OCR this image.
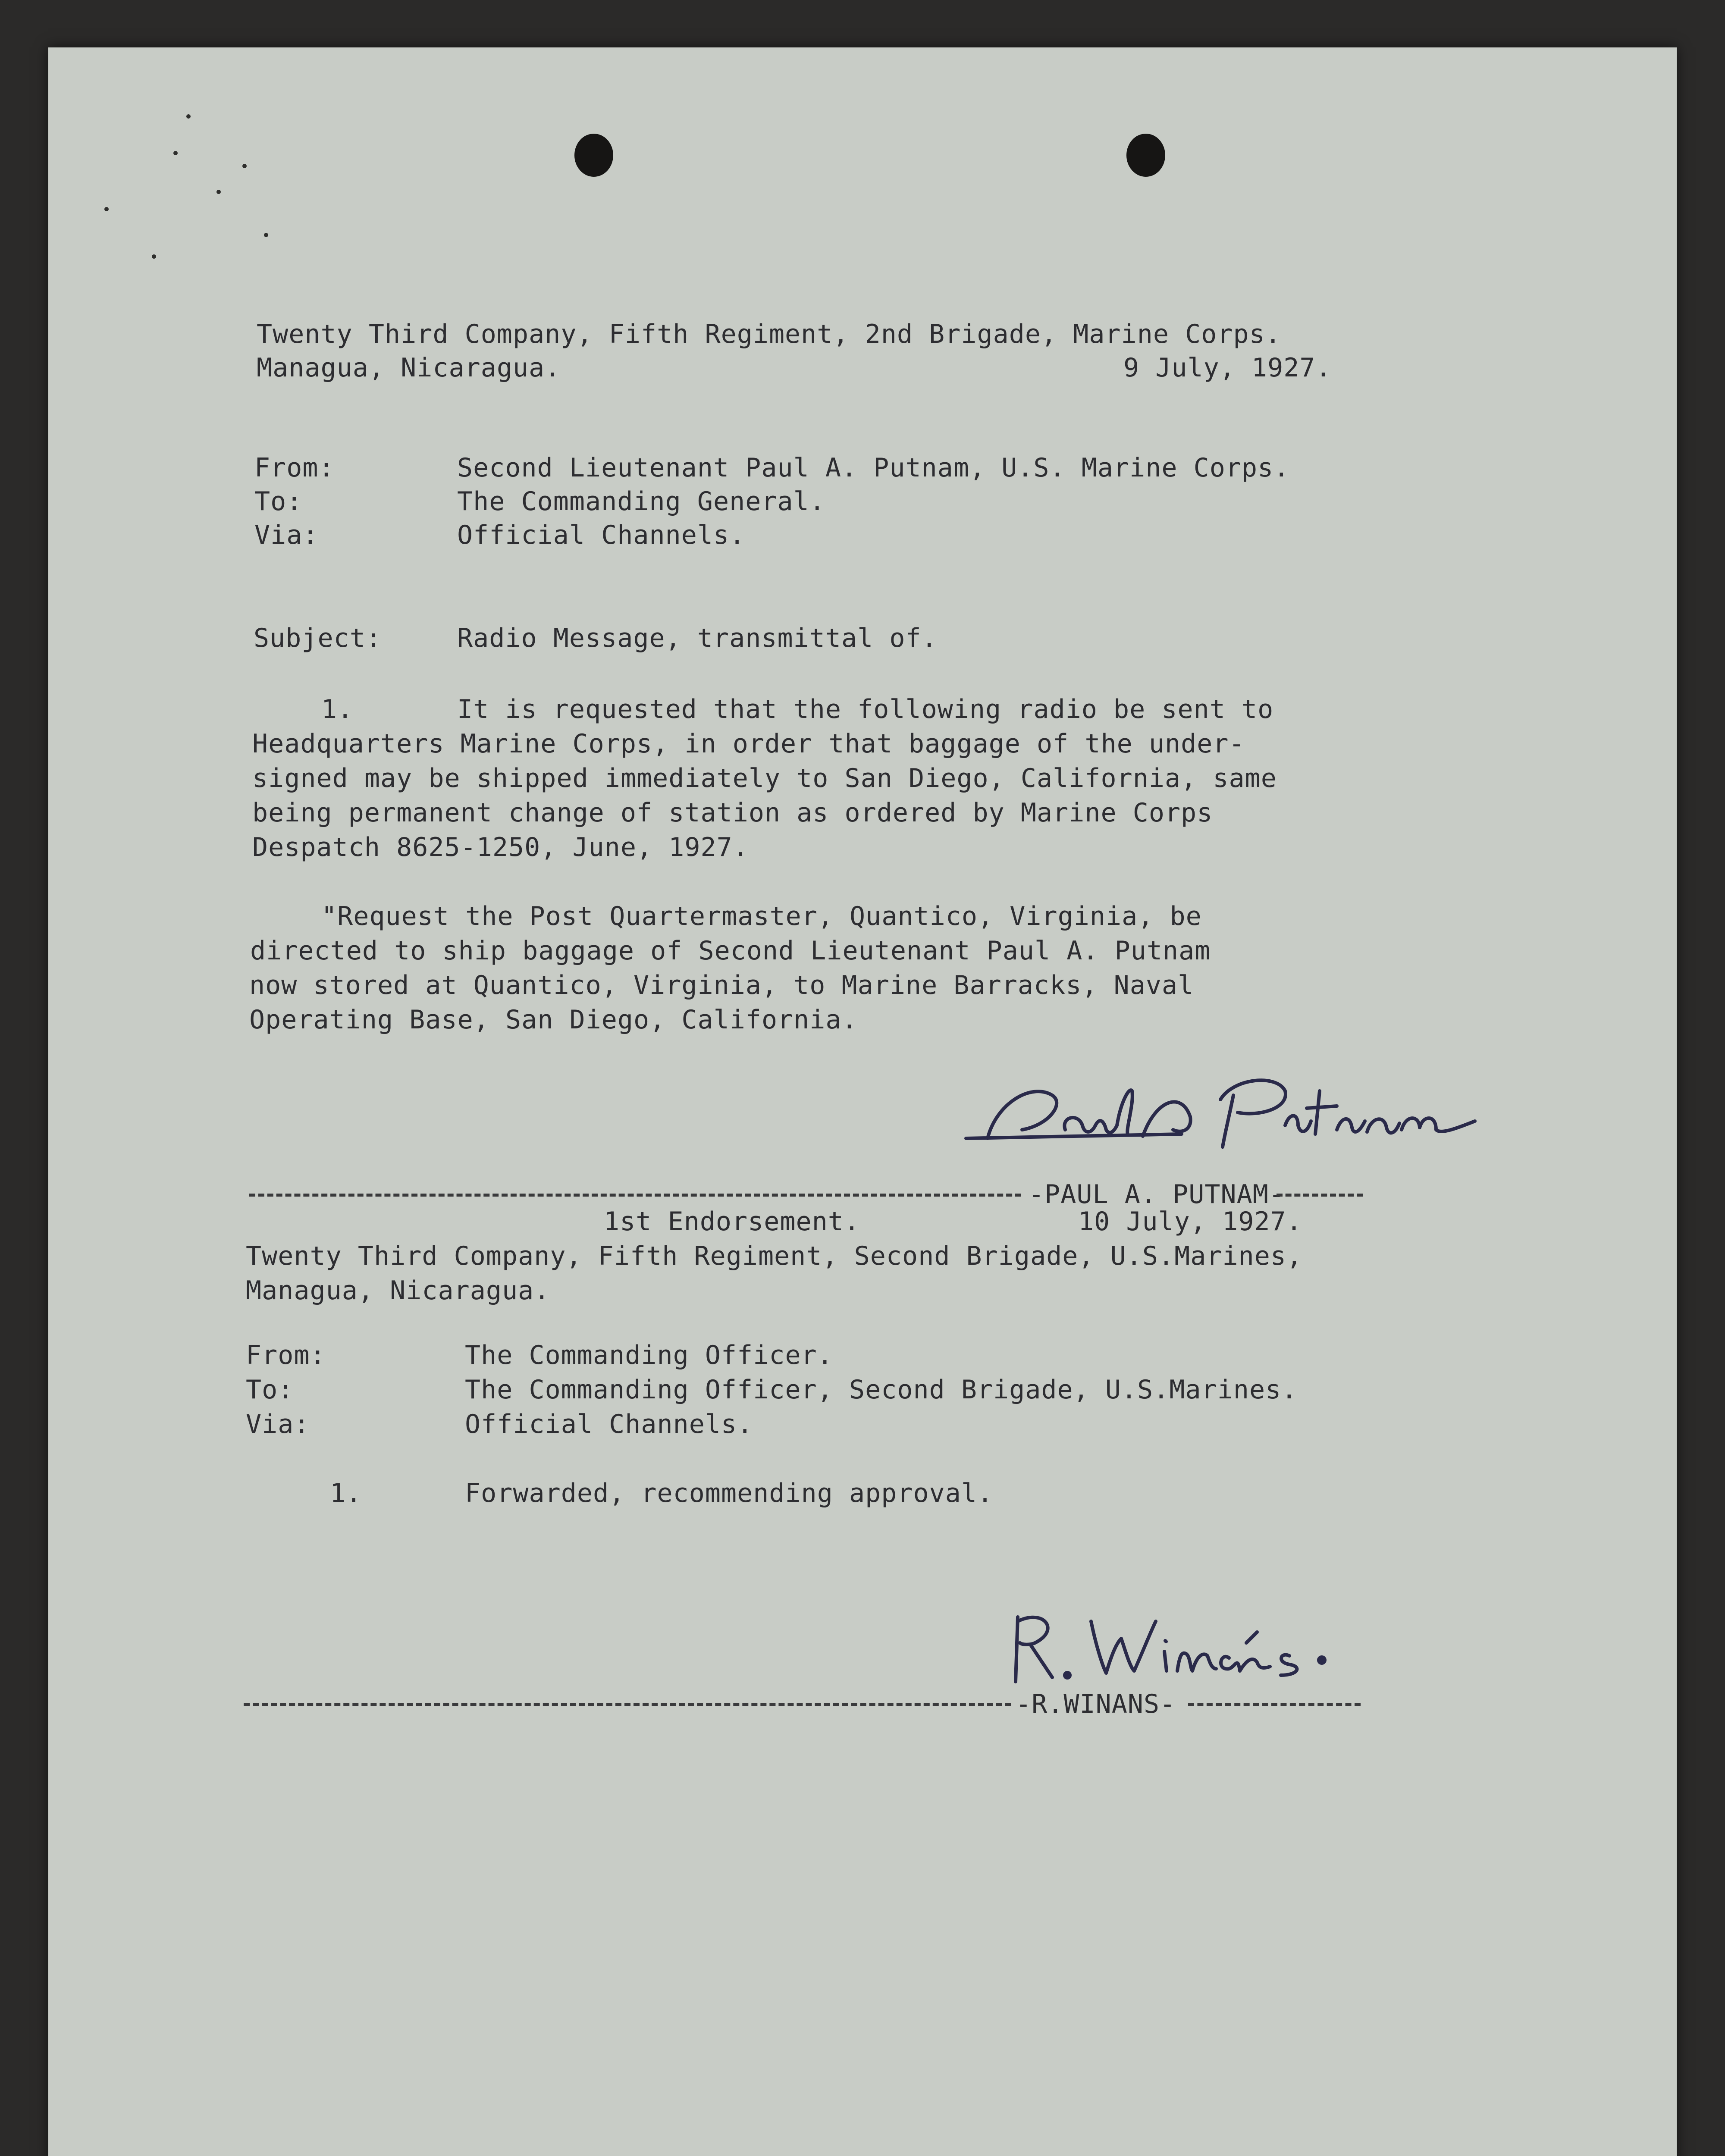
Twenty Third Company, Fifth Regiment, 2nd Brigade, Marine Corps.

Managua, Nicaragua.	9 July, 1927.

From:	Second Lieutenant Paul A. Putnam, U.S. Marine Corps.

To:	The Commanding General.

Via:	Official Channels.

Subject:	Radio Message, transmittal of.

1.	It is requested that the following radio be sent to

Headquarters Marine Corps, in order that baggage of the under-

signed may be shipped immediately to San Diego, California, same

being permanent change of station as ordered by Marine Corps

Despatch 8625-1250, June, 1927.

"Request the Post Quartermaster, Quantico, Virginia, be

directed to ship baggage of Second Lieutenant Paul A. Putnam

now stored at Quantico, Virginia, to Marine Barracks, Naval

Operating Base, San Diego, California.

-PAUL A. PUTNAM-

1st Endorsement.	10 July, 1927.

Twenty Third Company, Fifth Regiment, Second Brigade, U.S.Marines,

Managua, Nicaragua.

From:	The Commanding Officer.

To:	The Commanding Officer, Second Brigade, U.S.Marines.

Via:	Official Channels.

1.	Forwarded, recommending approval.

-R.WINANS-
